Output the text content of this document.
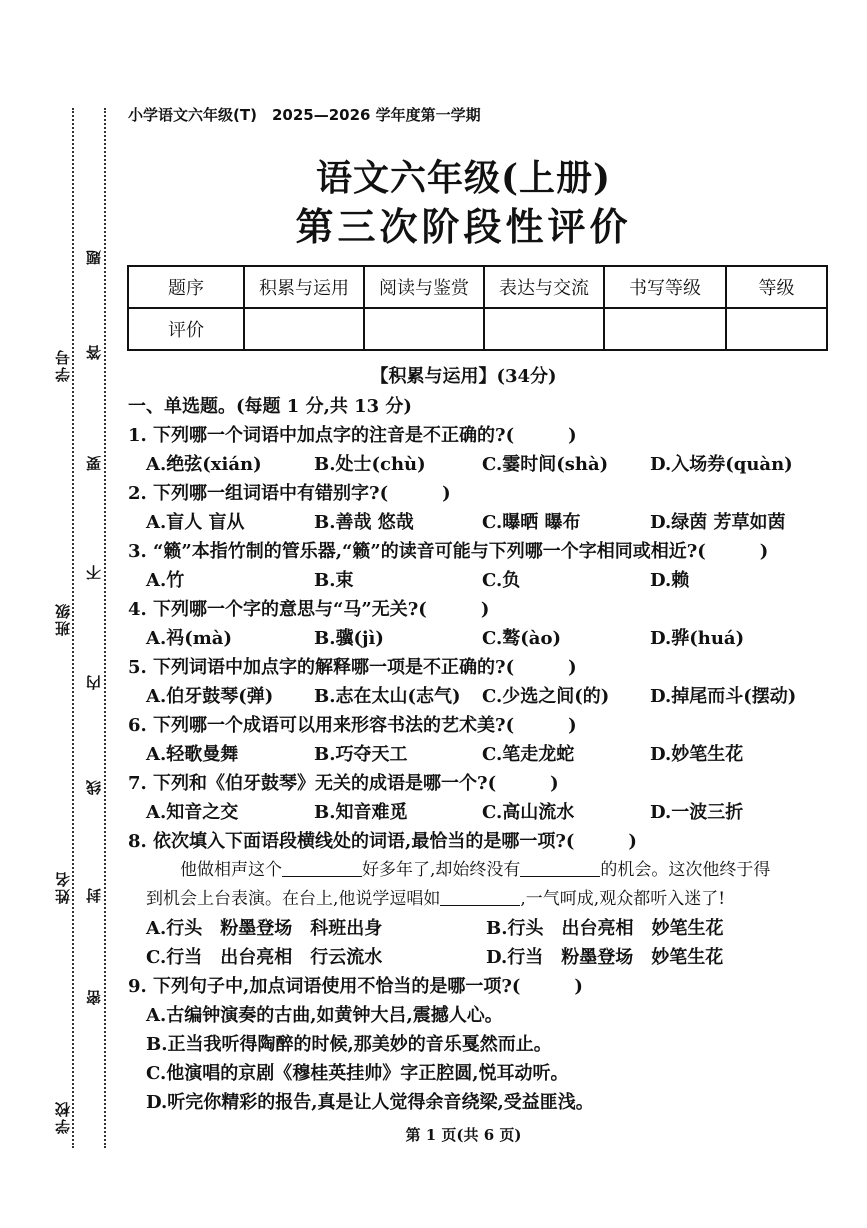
学校
姓名
班级
学号
题
答
要
不
内
线
封
密
小学语文六年级(T)　2025—2026 学年度第一学期
语文六年级(上册)
第三次阶段性评价
题序	积累与运用	阅读与鉴赏	表达与交流	书写等级	等级
评价					
【积累与运用】(34分)
一、单选题。(每题 1 分,共 13 分)
1. 下列哪一个词语中加点字的注音是不正确的?(　　　)
A.绝弦(xián)	B.处士(chù)	C.霎时间(shà)	D.入场券(quàn)
2. 下列哪一组词语中有错别字?(　　　)
A.盲人 盲从	B.善哉 悠哉	C.曝晒 曝布	D.绿茵 芳草如茵
3. “籁”本指竹制的管乐器,“籁”的读音可能与下列哪一个字相同或相近?(　　　)
A.竹	B.束	C.负	D.赖
4. 下列哪一个字的意思与“马”无关?(　　　)
A.祃(mà)	B.骥(jì)	C.骜(ào)	D.骅(huá)
5. 下列词语中加点字的解释哪一项是不正确的?(　　　)
A.伯牙鼓琴(弹)	B.志在太山(志气)	C.少选之间(的)	D.掉尾而斗(摆动)
6. 下列哪一个成语可以用来形容书法的艺术美?(　　　)
A.轻歌曼舞	B.巧夺天工	C.笔走龙蛇	D.妙笔生花
7. 下列和《伯牙鼓琴》无关的成语是哪一个?(　　　)
A.知音之交	B.知音难觅	C.高山流水	D.一波三折
8. 依次填入下面语段横线处的词语,最恰当的是哪一项?(　　　)
他做相声这个	好多年了,却始终没有	的机会。这次他终于得
到机会上台表演。在台上,他说学逗唱如	,一气呵成,观众都听入迷了!
A.行头　粉墨登场　科班出身	B.行头　出台亮相　妙笔生花
C.行当　出台亮相　行云流水	D.行当　粉墨登场　妙笔生花
9. 下列句子中,加点词语使用不恰当的是哪一项?(　　　)
A.古编钟演奏的古曲,如黄钟大吕,震撼人心。
B.正当我听得陶醉的时候,那美妙的音乐戛然而止。
C.他演唱的京剧《穆桂英挂帅》字正腔圆,悦耳动听。
D.听完你精彩的报告,真是让人觉得余音绕梁,受益匪浅。
第 1 页(共 6 页)
